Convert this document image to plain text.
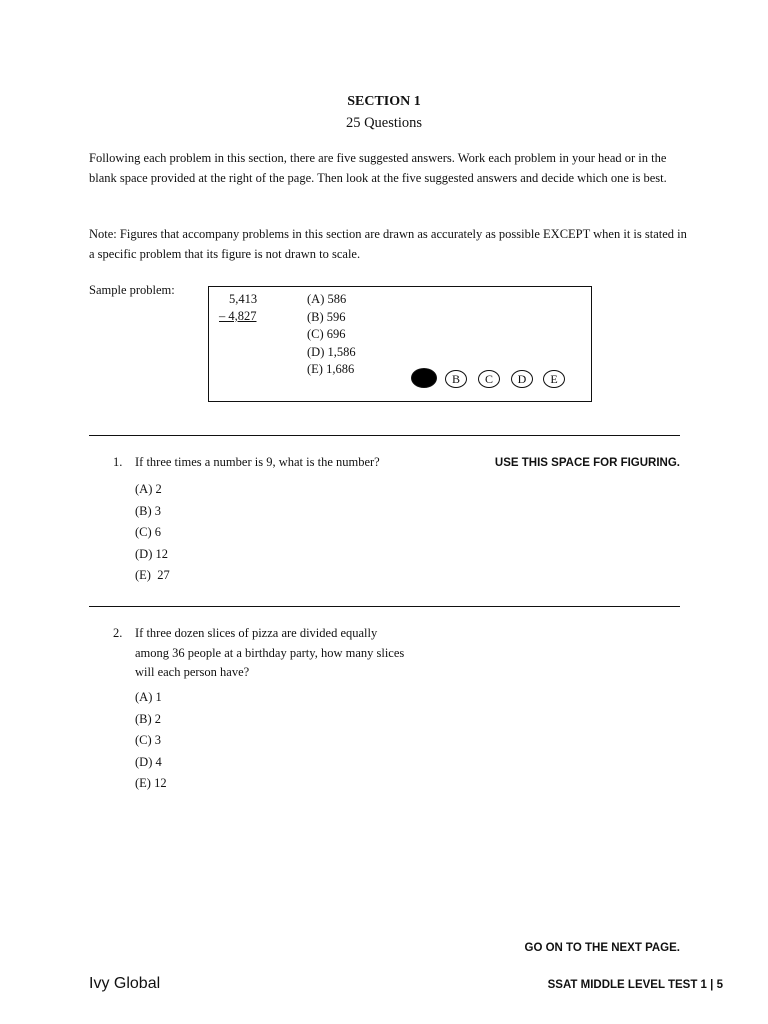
SECTION 1
25 Questions
Following each problem in this section, there are five suggested answers. Work each problem in your head or in the blank space provided at the right of the page. Then look at the five suggested answers and decide which one is best.
Note: Figures that accompany problems in this section are drawn as accurately as possible EXCEPT when it is stated in a specific problem that its figure is not drawn to scale.
Sample problem:
5,413
– 4,827
(A) 586
(B) 596
(C) 696
(D) 1,586
(E) 1,686
B	C	D	E
1. If three times a number is 9, what is the number?	USE THIS SPACE FOR FIGURING.
(A) 2
(B) 3
(C) 6
(D) 12
(E) 27
2. If three dozen slices of pizza are divided equally
among 36 people at a birthday party, how many slices
will each person have?
(A) 1
(B) 2
(C) 3
(D) 4
(E) 12
GO ON TO THE NEXT PAGE.
Ivy Global	SSAT MIDDLE LEVEL TEST 1 | 5
